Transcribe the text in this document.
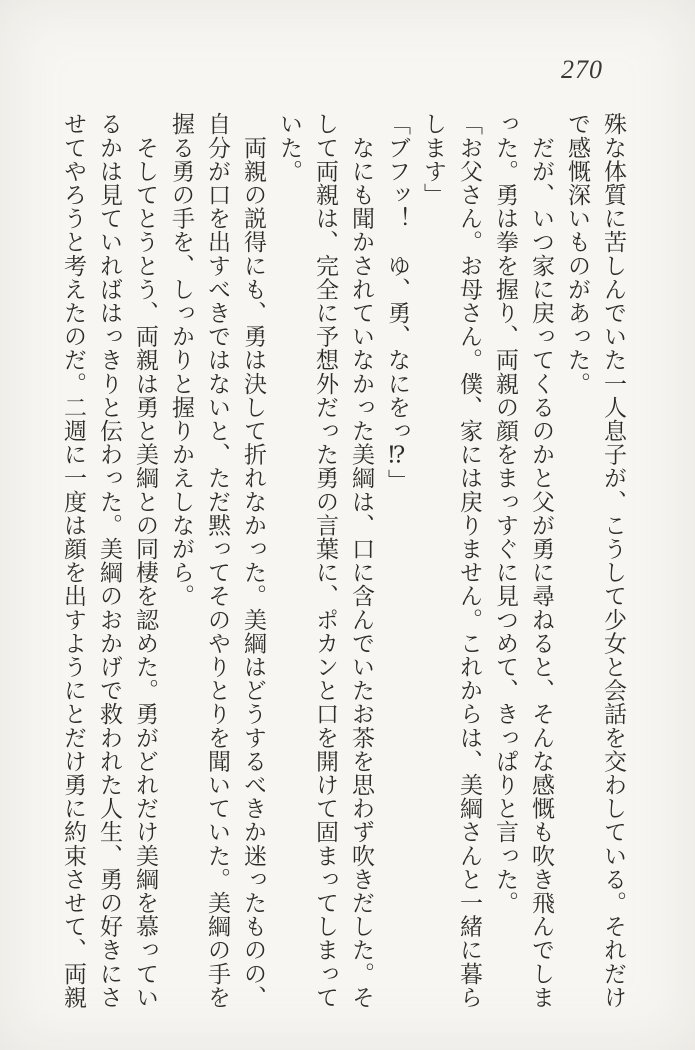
270
殊な体質に苦しんでいた一人息子が、こうして少女と会話を交わしている。それだけ
で感慨深いものがあった。
　だが、いつ家に戻ってくるのかと父が勇に尋ねると、そんな感慨も吹き飛んでしま
った。勇は拳を握り、両親の顔をまっすぐに見つめて、きっぱりと言った。
「お父さん。お母さん。僕、家には戻りません。これからは、美綱さんと一緒に暮ら
します」
「ブフッ！　ゆ、勇、なにをっ⁉」
　なにも聞かされていなかった美綱は、口に含んでいたお茶を思わず吹きだした。そ
して両親は、完全に予想外だった勇の言葉に、ポカンと口を開けて固まってしまって
いた。
　両親の説得にも、勇は決して折れなかった。美綱はどうするべきか迷ったものの、
自分が口を出すべきではないと、ただ黙ってそのやりとりを聞いていた。美綱の手を
握る勇の手を、しっかりと握りかえしながら。
　そしてとうとう、両親は勇と美綱との同棲を認めた。勇がどれだけ美綱を慕ってい
るかは見ていればはっきりと伝わった。美綱のおかげで救われた人生、勇の好きにさ
せてやろうと考えたのだ。二週に一度は顔を出すようにとだけ勇に約束させて、両親
